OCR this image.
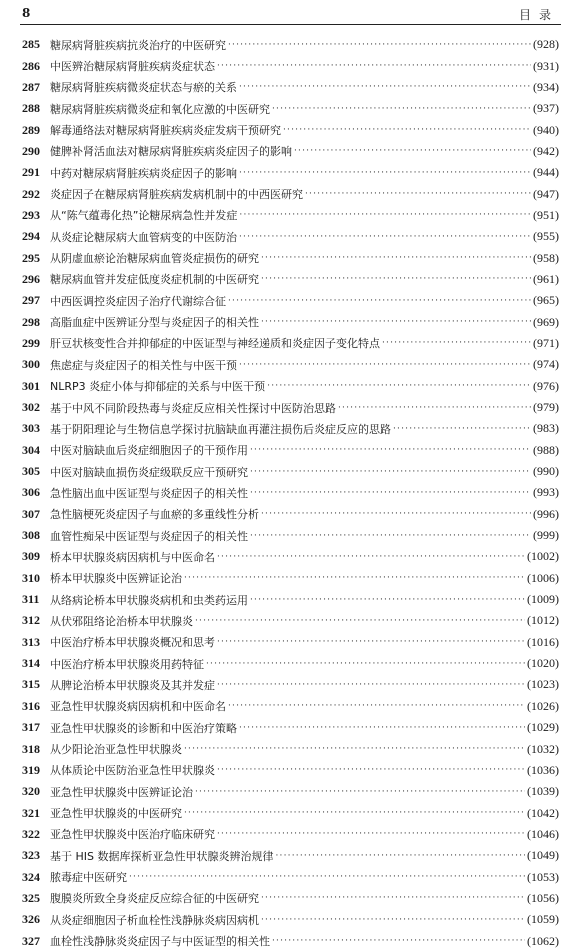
8	目录
285 糖尿病肾脏疾病抗炎治疗的中医研究 ·····	(928)
286 中医辨治糖尿病肾脏疾病炎症状态 ·····	(931)
287 糖尿病肾脏疾病微炎症状态与瘀的关系 ·····	(934)
288 糖尿病肾脏疾病微炎症和氧化应激的中医研究 ·····	(937)
289 解毒通络法对糖尿病肾脏疾病炎症发病干预研究 ·····	(940)
290 健脾补肾活血法对糖尿病肾脏疾病炎症因子的影响 ·····	(942)
291 中药对糖尿病肾脏疾病炎症因子的影响 ·····	(944)
292 炎症因子在糖尿病肾脏疾病发病机制中的中西医研究 ·····	(947)
293 从“陈气蕴毒化热”论糖尿病急性并发症 ·····	(951)
294 从炎症论糖尿病大血管病变的中医防治 ·····	(955)
295 从阴虚血瘀论治糖尿病血管炎症损伤的研究 ·····	(958)
296 糖尿病血管并发症低度炎症机制的中医研究 ·····	(961)
297 中西医调控炎症因子治疗代谢综合征 ·····	(965)
298 高脂血症中医辨证分型与炎症因子的相关性 ·····	(969)
299 肝豆状核变性合并抑郁症的中医证型与神经递质和炎症因子变化特点 ·····	(971)
300 焦虑症与炎症因子的相关性与中医干预 ·····	(974)
301 NLRP3 炎症小体与抑郁症的关系与中医干预 ·····	(976)
302 基于中风不同阶段热毒与炎症反应相关性探讨中医防治思路 ·····	(979)
303 基于阴阳理论与生物信息学探讨抗脑缺血再灌注损伤后炎症反应的思路 ·····	(983)
304 中医对脑缺血后炎症细胞因子的干预作用 ·····	(988)
305 中医对脑缺血损伤炎症级联反应干预研究 ·····	(990)
306 急性脑出血中医证型与炎症因子的相关性 ·····	(993)
307 急性脑梗死炎症因子与血瘀的多重线性分析 ·····	(996)
308 血管性痴呆中医证型与炎症因子的相关性 ·····	(999)
309 桥本甲状腺炎病因病机与中医命名 ·····	(1002)
310 桥本甲状腺炎中医辨证论治 ·····	(1006)
311 从络病论桥本甲状腺炎病机和虫类药运用 ·····	(1009)
312 从伏邪阻络论治桥本甲状腺炎 ·····	(1012)
313 中医治疗桥本甲状腺炎概况和思考 ·····	(1016)
314 中医治疗桥本甲状腺炎用药特征 ·····	(1020)
315 从脾论治桥本甲状腺炎及其并发症 ·····	(1023)
316 亚急性甲状腺炎病因病机和中医命名 ·····	(1026)
317 亚急性甲状腺炎的诊断和中医治疗策略 ·····	(1029)
318 从少阳论治亚急性甲状腺炎 ·····	(1032)
319 从体质论中医防治亚急性甲状腺炎 ·····	(1036)
320 亚急性甲状腺炎中医辨证论治 ·····	(1039)
321 亚急性甲状腺炎的中医研究 ·····	(1042)
322 亚急性甲状腺炎中医治疗临床研究 ·····	(1046)
323 基于 HIS 数据库探析亚急性甲状腺炎辨治规律 ·····	(1049)
324 脓毒症中医研究 ·····	(1053)
325 腹膜炎所致全身炎症反应综合征的中医研究 ·····	(1056)
326 从炎症细胞因子析血栓性浅静脉炎病因病机 ·····	(1059)
327 血栓性浅静脉炎炎症因子与中医证型的相关性 ·····	(1062)
